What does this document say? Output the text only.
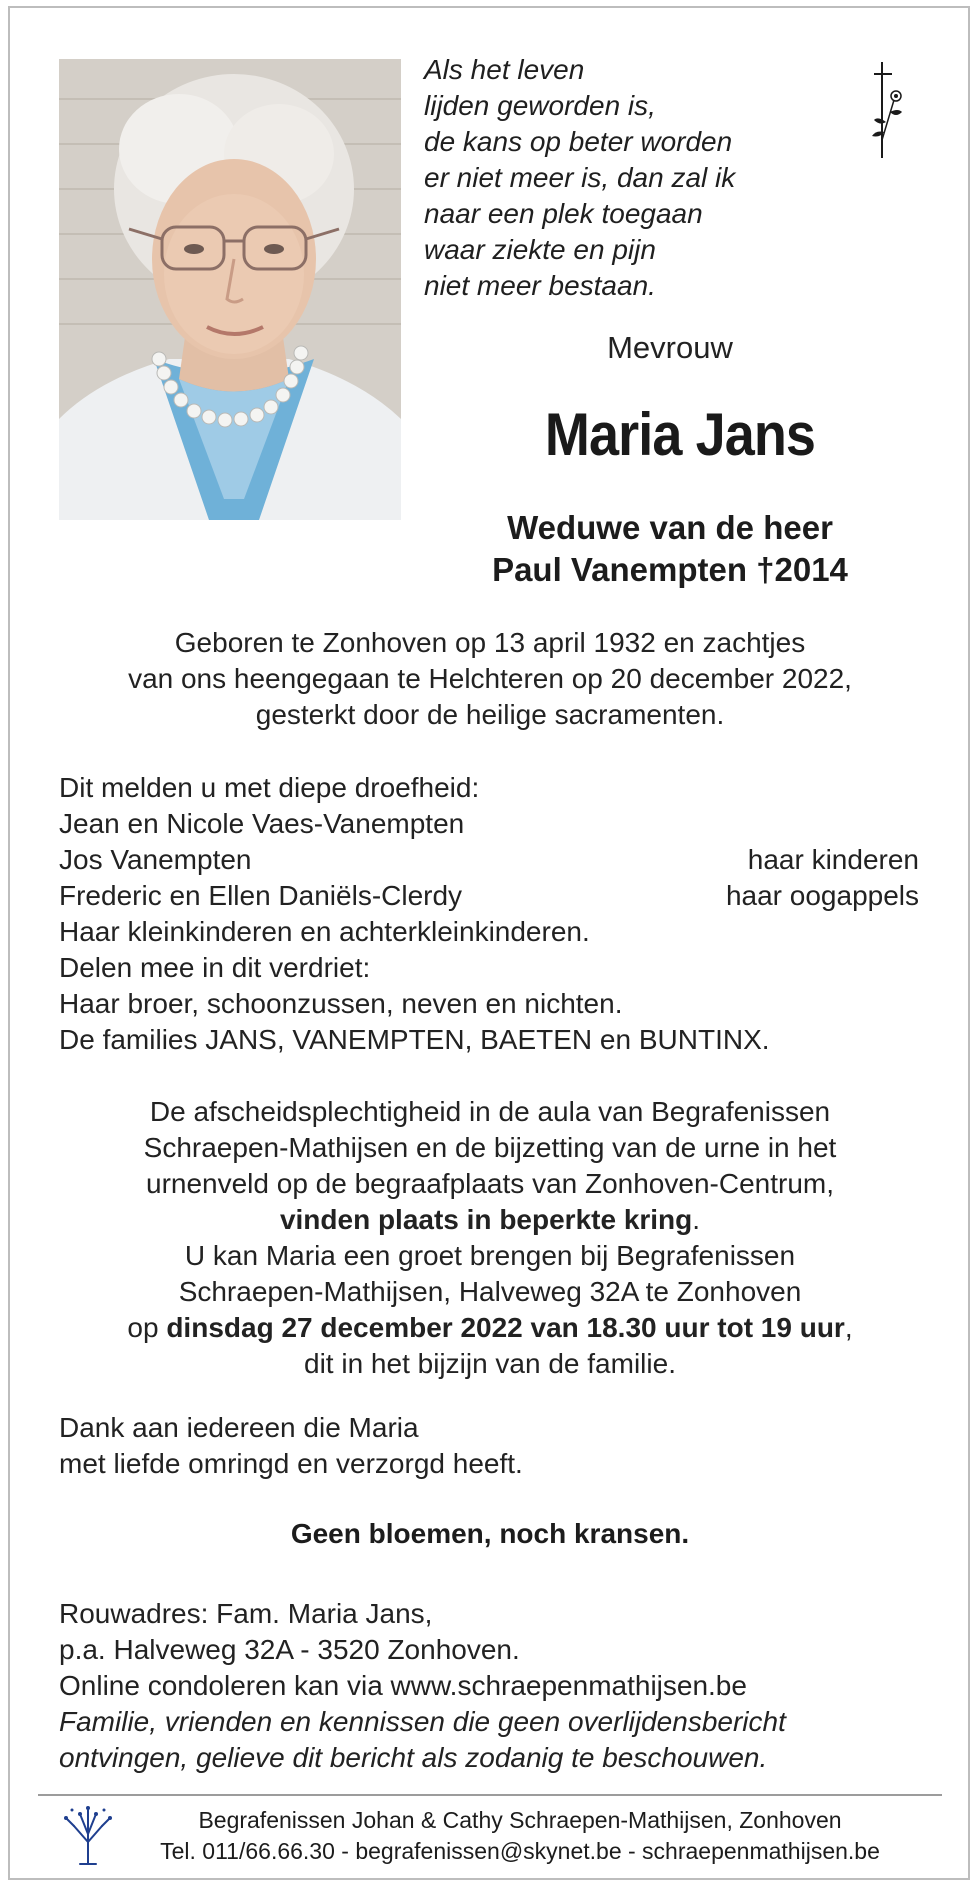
Als het leven
lijden geworden is,
de kans op beter worden
er niet meer is, dan zal ik
naar een plek toegaan
waar ziekte en pijn
niet meer bestaan.
Mevrouw
Maria Jans
Weduwe van de heer
Paul Vanempten †2014
Geboren te Zonhoven op 13 april 1932 en zachtjes
van ons heengegaan te Helchteren op 20 december 2022,
gesterkt door de heilige sacramenten.
Dit melden u met diepe droefheid:
Jean en Nicole Vaes-Vanempten
Jos Vanempten	haar kinderen
Frederic en Ellen Daniëls-Clerdy	haar oogappels
Haar kleinkinderen en achterkleinkinderen.
Delen mee in dit verdriet:
Haar broer, schoonzussen, neven en nichten.
De families JANS, VANEMPTEN, BAETEN en BUNTINX.
De afscheidsplechtigheid in de aula van Begrafenissen
Schraepen-Mathijsen en de bijzetting van de urne in het
urnenveld op de begraafplaats van Zonhoven-Centrum,
vinden plaats in beperkte kring.
U kan Maria een groet brengen bij Begrafenissen
Schraepen-Mathijsen, Halveweg 32A te Zonhoven
op dinsdag 27 december 2022 van 18.30 uur tot 19 uur,
dit in het bijzijn van de familie.
Dank aan iedereen die Maria
met liefde omringd en verzorgd heeft.
Geen bloemen, noch kransen.
Rouwadres: Fam. Maria Jans,
p.a. Halveweg 32A - 3520 Zonhoven.
Online condoleren kan via www.schraepenmathijsen.be
Familie, vrienden en kennissen die geen overlijdensbericht
ontvingen, gelieve dit bericht als zodanig te beschouwen.
Begrafenissen Johan & Cathy Schraepen-Mathijsen, Zonhoven
Tel. 011/66.66.30 - begrafenissen@skynet.be - schraepenmathijsen.be
